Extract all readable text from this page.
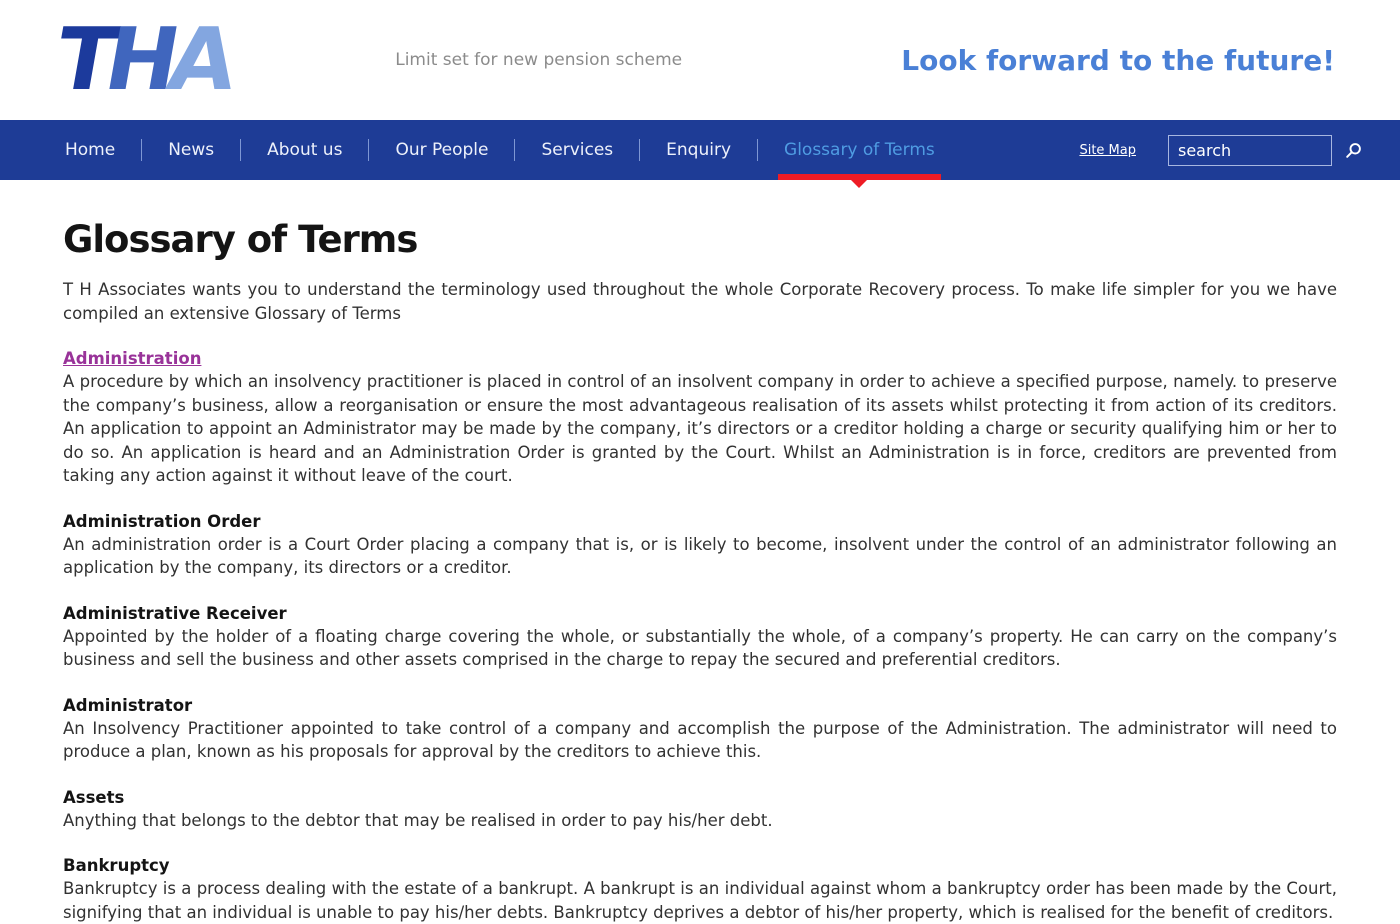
THA	Limit set for new pension scheme	Look forward to the future!
Home	News	About us	Our People	Services	Enquiry	Glossary of Terms	Site Map
search
Glossary of Terms

T H Associates wants you to understand the terminology used throughout the whole Corporate Recovery process. To make life simpler for you we have compiled an extensive Glossary of Terms

Administration

A procedure by which an insolvency practitioner is placed in control of an insolvent company in order to achieve a specified purpose, namely. to preserve the company’s business, allow a reorganisation or ensure the most advantageous realisation of its assets whilst protecting it from action of its creditors. An application to appoint an Administrator may be made by the company, it’s directors or a creditor holding a charge or security qualifying him or her to do so. An application is heard and an Administration Order is granted by the Court. Whilst an Administration is in force, creditors are prevented from taking any action against it without leave of the court.

Administration Order

An administration order is a Court Order placing a company that is, or is likely to become, insolvent under the control of an administrator following an application by the company, its directors or a creditor.

Administrative Receiver

Appointed by the holder of a floating charge covering the whole, or substantially the whole, of a company’s property. He can carry on the company’s business and sell the business and other assets comprised in the charge to repay the secured and preferential creditors.

Administrator

An Insolvency Practitioner appointed to take control of a company and accomplish the purpose of the Administration. The administrator will need to produce a plan, known as his proposals for approval by the creditors to achieve this.

Assets

Anything that belongs to the debtor that may be realised in order to pay his/her debt.

Bankruptcy

Bankruptcy is a process dealing with the estate of a bankrupt. A bankrupt is an individual against whom a bankruptcy order has been made by the Court, signifying that an individual is unable to pay his/her debts. Bankruptcy deprives a debtor of his/her property, which is realised for the benefit of creditors.
